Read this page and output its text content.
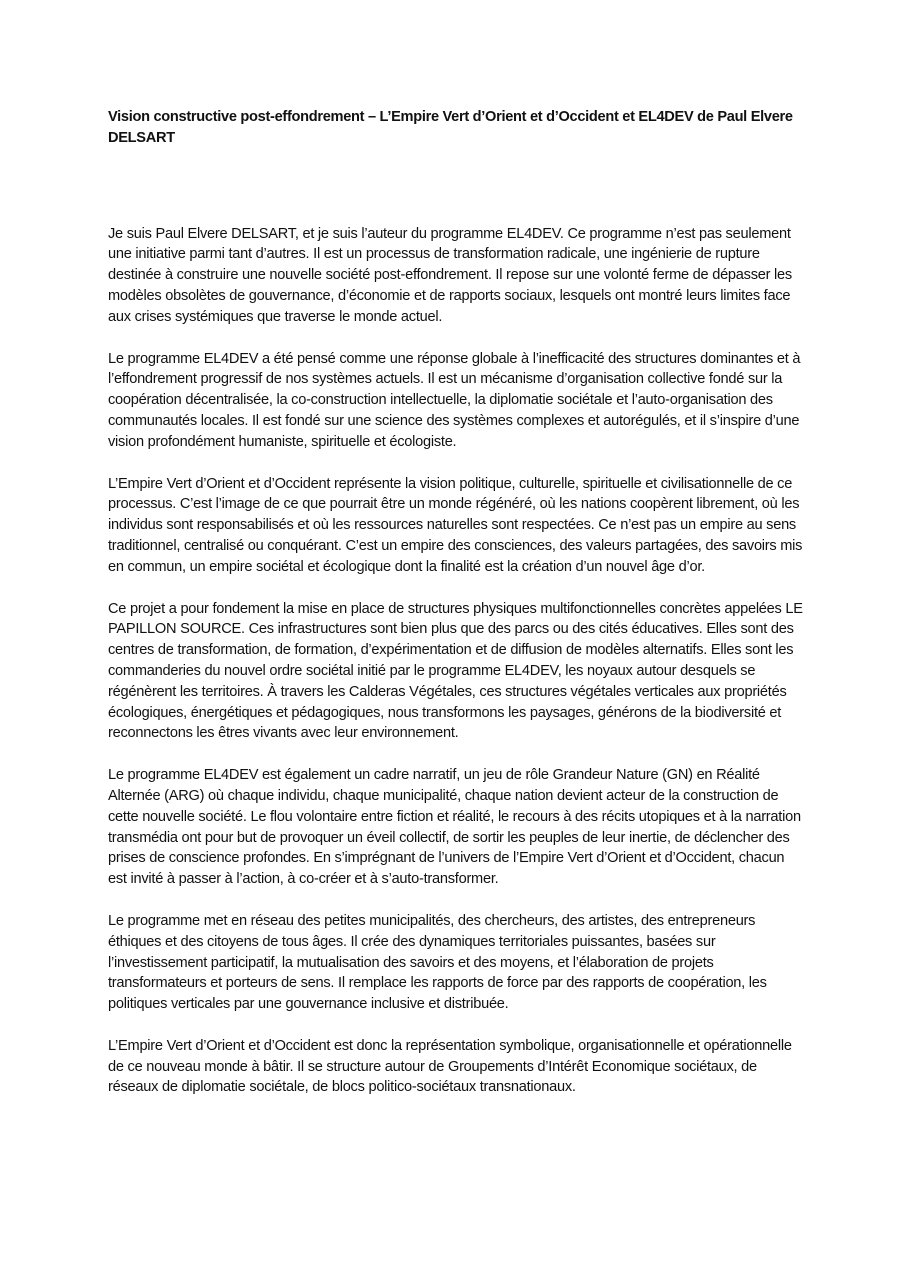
Vision constructive post-effondrement – L’Empire Vert d’Orient et d’Occident et EL4DEV de Paul Elvere DELSART

Je suis Paul Elvere DELSART, et je suis l’auteur du programme EL4DEV. Ce programme n’est pas seulement une initiative parmi tant d’autres. Il est un processus de transformation radicale, une ingénierie de rupture destinée à construire une nouvelle société post-effondrement. Il repose sur une volonté ferme de dépasser les modèles obsolètes de gouvernance, d’économie et de rapports sociaux, lesquels ont montré leurs limites face aux crises systémiques que traverse le monde actuel.

Le programme EL4DEV a été pensé comme une réponse globale à l’inefficacité des structures dominantes et à l’effondrement progressif de nos systèmes actuels. Il est un mécanisme d’organisation collective fondé sur la coopération décentralisée, la co-construction intellectuelle, la diplomatie sociétale et l’auto-organisation des communautés locales. Il est fondé sur une science des systèmes complexes et autorégulés, et il s’inspire d’une vision profondément humaniste, spirituelle et écologiste.

L’Empire Vert d’Orient et d’Occident représente la vision politique, culturelle, spirituelle et civilisationnelle de ce processus. C’est l’image de ce que pourrait être un monde régénéré, où les nations coopèrent librement, où les individus sont responsabilisés et où les ressources naturelles sont respectées. Ce n’est pas un empire au sens traditionnel, centralisé ou conquérant. C’est un empire des consciences, des valeurs partagées, des savoirs mis en commun, un empire sociétal et écologique dont la finalité est la création d’un nouvel âge d’or.

Ce projet a pour fondement la mise en place de structures physiques multifonctionnelles concrètes appelées LE PAPILLON SOURCE. Ces infrastructures sont bien plus que des parcs ou des cités éducatives. Elles sont des centres de transformation, de formation, d’expérimentation et de diffusion de modèles alternatifs. Elles sont les commanderies du nouvel ordre sociétal initié par le programme EL4DEV, les noyaux autour desquels se régénèrent les territoires. À travers les Calderas Végétales, ces structures végétales verticales aux propriétés écologiques, énergétiques et pédagogiques, nous transformons les paysages, générons de la biodiversité et reconnectons les êtres vivants avec leur environnement.

Le programme EL4DEV est également un cadre narratif, un jeu de rôle Grandeur Nature (GN) en Réalité Alternée (ARG) où chaque individu, chaque municipalité, chaque nation devient acteur de la construction de cette nouvelle société. Le flou volontaire entre fiction et réalité, le recours à des récits utopiques et à la narration transmédia ont pour but de provoquer un éveil collectif, de sortir les peuples de leur inertie, de déclencher des prises de conscience profondes. En s’imprégnant de l’univers de l’Empire Vert d’Orient et d’Occident, chacun est invité à passer à l’action, à co-créer et à s’auto-transformer.

Le programme met en réseau des petites municipalités, des chercheurs, des artistes, des entrepreneurs éthiques et des citoyens de tous âges. Il crée des dynamiques territoriales puissantes, basées sur l’investissement participatif, la mutualisation des savoirs et des moyens, et l’élaboration de projets transformateurs et porteurs de sens. Il remplace les rapports de force par des rapports de coopération, les politiques verticales par une gouvernance inclusive et distribuée.

L’Empire Vert d’Orient et d’Occident est donc la représentation symbolique, organisationnelle et opérationnelle de ce nouveau monde à bâtir. Il se structure autour de Groupements d’Intérêt Economique sociétaux, de réseaux de diplomatie sociétale, de blocs politico-sociétaux transnationaux.
